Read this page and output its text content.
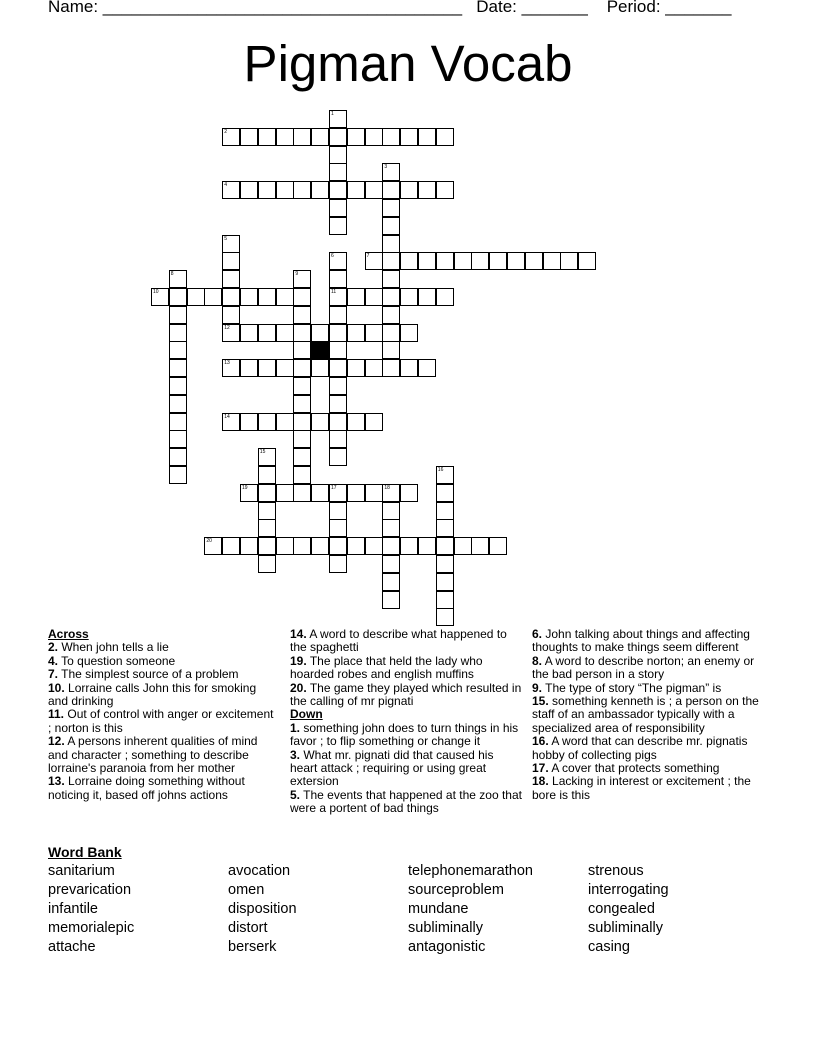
Name: ______________________________________ Date: _______ Period: _______
Pigman Vocab
2
4
7
10	11
12
13
14
19	17	18
20
1
3
5
6
8	9
15
16
Across
2. When john tells a lie
4. To question someone
7. The simplest source of a problem
10. Lorraine calls John this for smoking and drinking
11. Out of control with anger or excitement ; norton is this
12. A persons inherent qualities of mind and character ; something to describe lorraine's paranoia from her mother
13. Lorraine doing something without noticing it, based off johns actions
14. A word to describe what happened to the spaghetti
19. The place that held the lady who hoarded robes and english muffins
20. The game they played which resulted in the calling of mr pignati
Down
1. something john does to turn things in his favor ; to flip something or change it
3. What mr. pignati did that caused his heart attack ; requiring or using great extersion
5. The events that happened at the zoo that were a portent of bad things
6. John talking about things and affecting thoughts to make things seem different
8. A word to describe norton; an enemy or the bad person in a story
9. The type of story “The pigman” is
15. something kenneth is ; a person on the staff of an ambassador typically with a specialized area of responsibility
16. A word that can describe mr. pignatis hobby of collecting pigs
17. A cover that protects something
18. Lacking in interest or excitement ; the bore is this
Word Bank
sanitarium
prevarication
infantile
memorialepic
attache
avocation
omen
disposition
distort
berserk
telephonemarathon
sourceproblem
mundane
subliminally
antagonistic
strenous
interrogating
congealed
subliminally
casing
